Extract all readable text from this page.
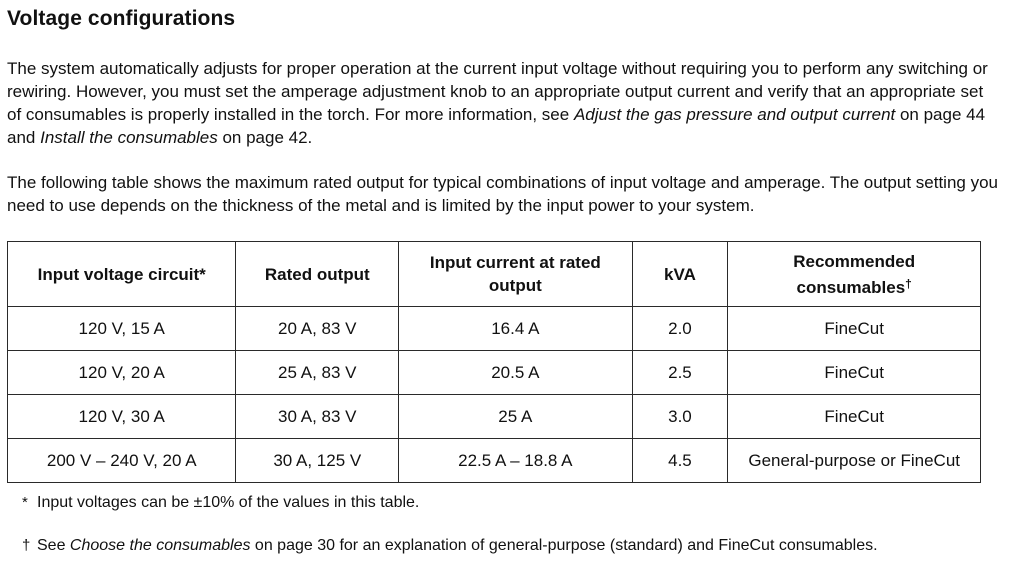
Voltage configurations

The system automatically adjusts for proper operation at the current input voltage without requiring you to perform any switching or rewiring. However, you must set the amperage adjustment knob to an appropriate output current and verify that an appropriate set of consumables is properly installed in the torch. For more information, see Adjust the gas pressure and output current on page 44 and Install the consumables on page 42.

The following table shows the maximum rated output for typical combinations of input voltage and amperage. The output setting you need to use depends on the thickness of the metal and is limited by the input power to your system.

Input voltage circuit*	Rated output	Input current at rated output	kVA	Recommended consumables†
120 V, 15 A	20 A, 83 V	16.4 A	2.0	FineCut
120 V, 20 A	25 A, 83 V	20.5 A	2.5	FineCut
120 V, 30 A	30 A, 83 V	25 A	3.0	FineCut
200 V – 240 V, 20 A	30 A, 125 V	22.5 A – 18.8 A	4.5	General-purpose or FineCut

* Input voltages can be ±10% of the values in this table.

† See Choose the consumables on page 30 for an explanation of general-purpose (standard) and FineCut consumables.
